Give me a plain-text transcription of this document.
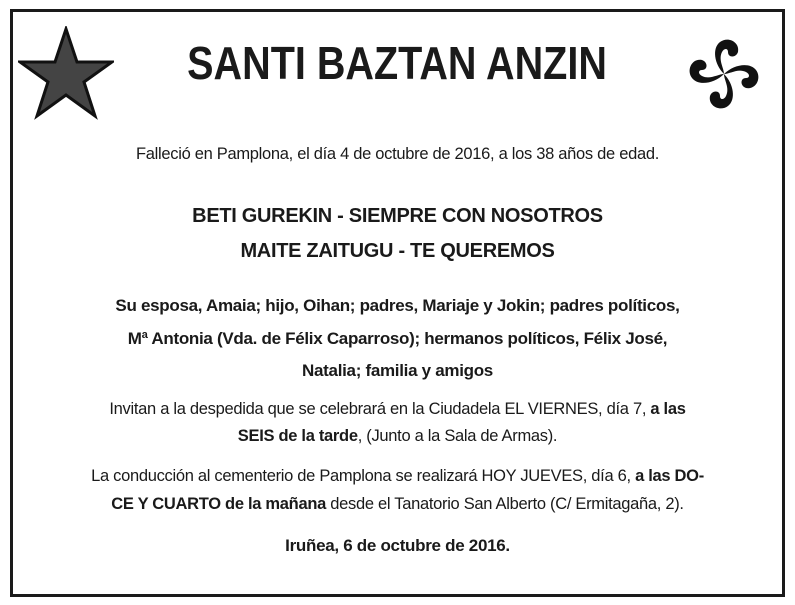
SANTI BAZTAN ANZIN
Falleció en Pamplona, el día 4 de octubre de 2016, a los 38 años de edad.
BETI GUREKIN - SIEMPRE CON NOSOTROS
MAITE ZAITUGU - TE QUEREMOS
Su esposa, Amaia; hijo, Oihan; padres, Mariaje y Jokin; padres políticos,
Mª Antonia (Vda. de Félix Caparroso); hermanos políticos, Félix José,
Natalia; familia y amigos
Invitan a la despedida que se celebrará en la Ciudadela EL VIERNES, día 7, a las
SEIS de la tarde, (Junto a la Sala de Armas).
La conducción al cementerio de Pamplona se realizará HOY JUEVES, día 6, a las DO-
CE Y CUARTO de la mañana desde el Tanatorio San Alberto (C/ Ermitagaña, 2).
Iruñea, 6 de octubre de 2016.
